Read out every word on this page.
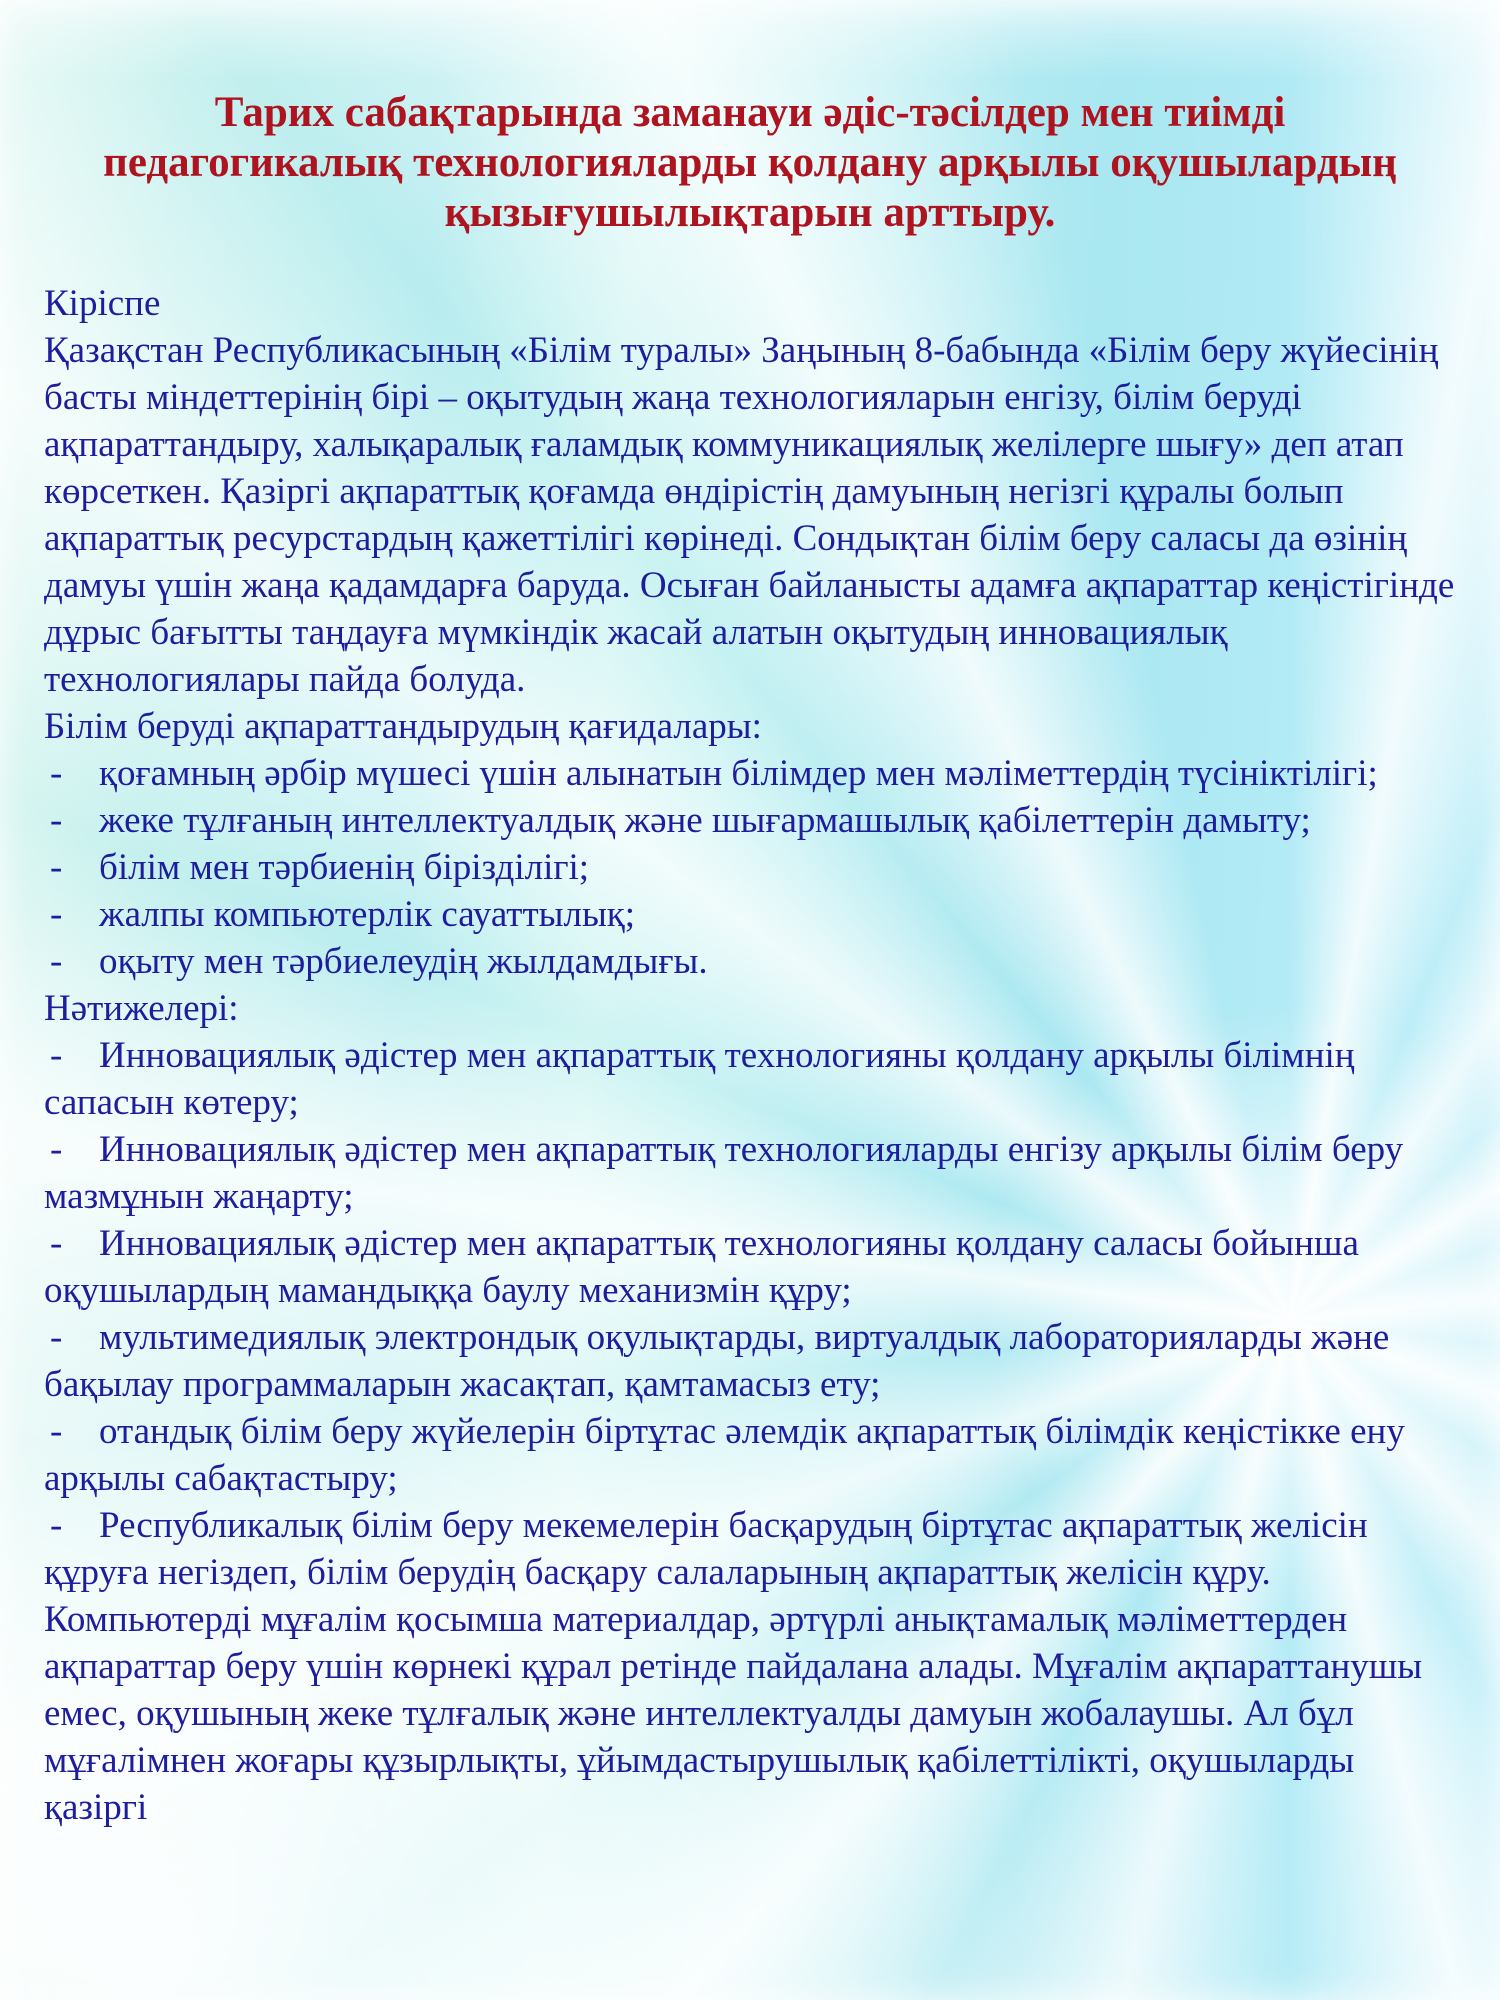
Тарих сабақтарында заманауи әдіс-тәсілдер мен тиімді педагогикалық технологияларды қолдану арқылы оқушылардың қызығушылықтарын арттыру.
Кіріспе
Қазақстан Республикасының «Білім туралы» Заңының 8-бабында «Білім беру жүйесінің басты міндеттерінің бірі – оқытудың жаңа технологияларын енгізу, білім беруді ақпараттандыру, халықаралық ғаламдық коммуникациялық желілерге шығу» деп атап көрсеткен. Қазіргі ақпараттық қоғамда өндірістің дамуының негізгі құралы болып ақпараттық ресурстардың қажеттілігі көрінеді. Сондықтан білім беру саласы да өзінің дамуы үшін жаңа қадамдарға баруда. Осыған байланысты адамға ақпараттар кеңістігінде дұрыс бағытты таңдауға мүмкіндік жасай алатын оқытудың инновациялық технологиялары пайда болуда.
Білім беруді ақпараттандырудың қағидалары:
- қоғамның әрбір мүшесі үшін алынатын білімдер мен мәліметтердің түсініктілігі;
- жеке тұлғаның интеллектуалдық және шығармашылық қабілеттерін дамыту;
- білім мен тәрбиенің бірізділігі;
- жалпы компьютерлік сауаттылық;
- оқыту мен тәрбиелеудің жылдамдығы.
Нәтижелері:
- Инновациялық әдістер мен ақпараттық технологияны қолдану арқылы білімнің сапасын көтеру;
- Инновациялық әдістер мен ақпараттық технологияларды енгізу арқылы білім беру мазмұнын жаңарту;
- Инновациялық әдістер мен ақпараттық технологияны қолдану саласы бойынша оқушылардың мамандыққа баулу механизмін құру;
- мультимедиялық электрондық оқулықтарды, виртуалдық лабораторияларды және бақылау программаларын жасақтап, қамтамасыз ету;
- отандық білім беру жүйелерін біртұтас әлемдік ақпараттық білімдік кеңістікке ену арқылы сабақтастыру;
- Республикалық білім беру мекемелерін басқарудың біртұтас ақпараттық желісін құруға негіздеп, білім берудің басқару салаларының ақпараттық желісін құру.
Компьютерді мұғалім қосымша материалдар, әртүрлі анықтамалық мәліметтерден ақпараттар беру үшін көрнекі құрал ретінде пайдалана алады. Мұғалім ақпараттанушы емес, оқушының жеке тұлғалық және интеллектуалды дамуын жобалаушы. Ал бұл мұғалімнен жоғары құзырлықты, ұйымдастырушылық қабілеттілікті, оқушыларды қазіргі
